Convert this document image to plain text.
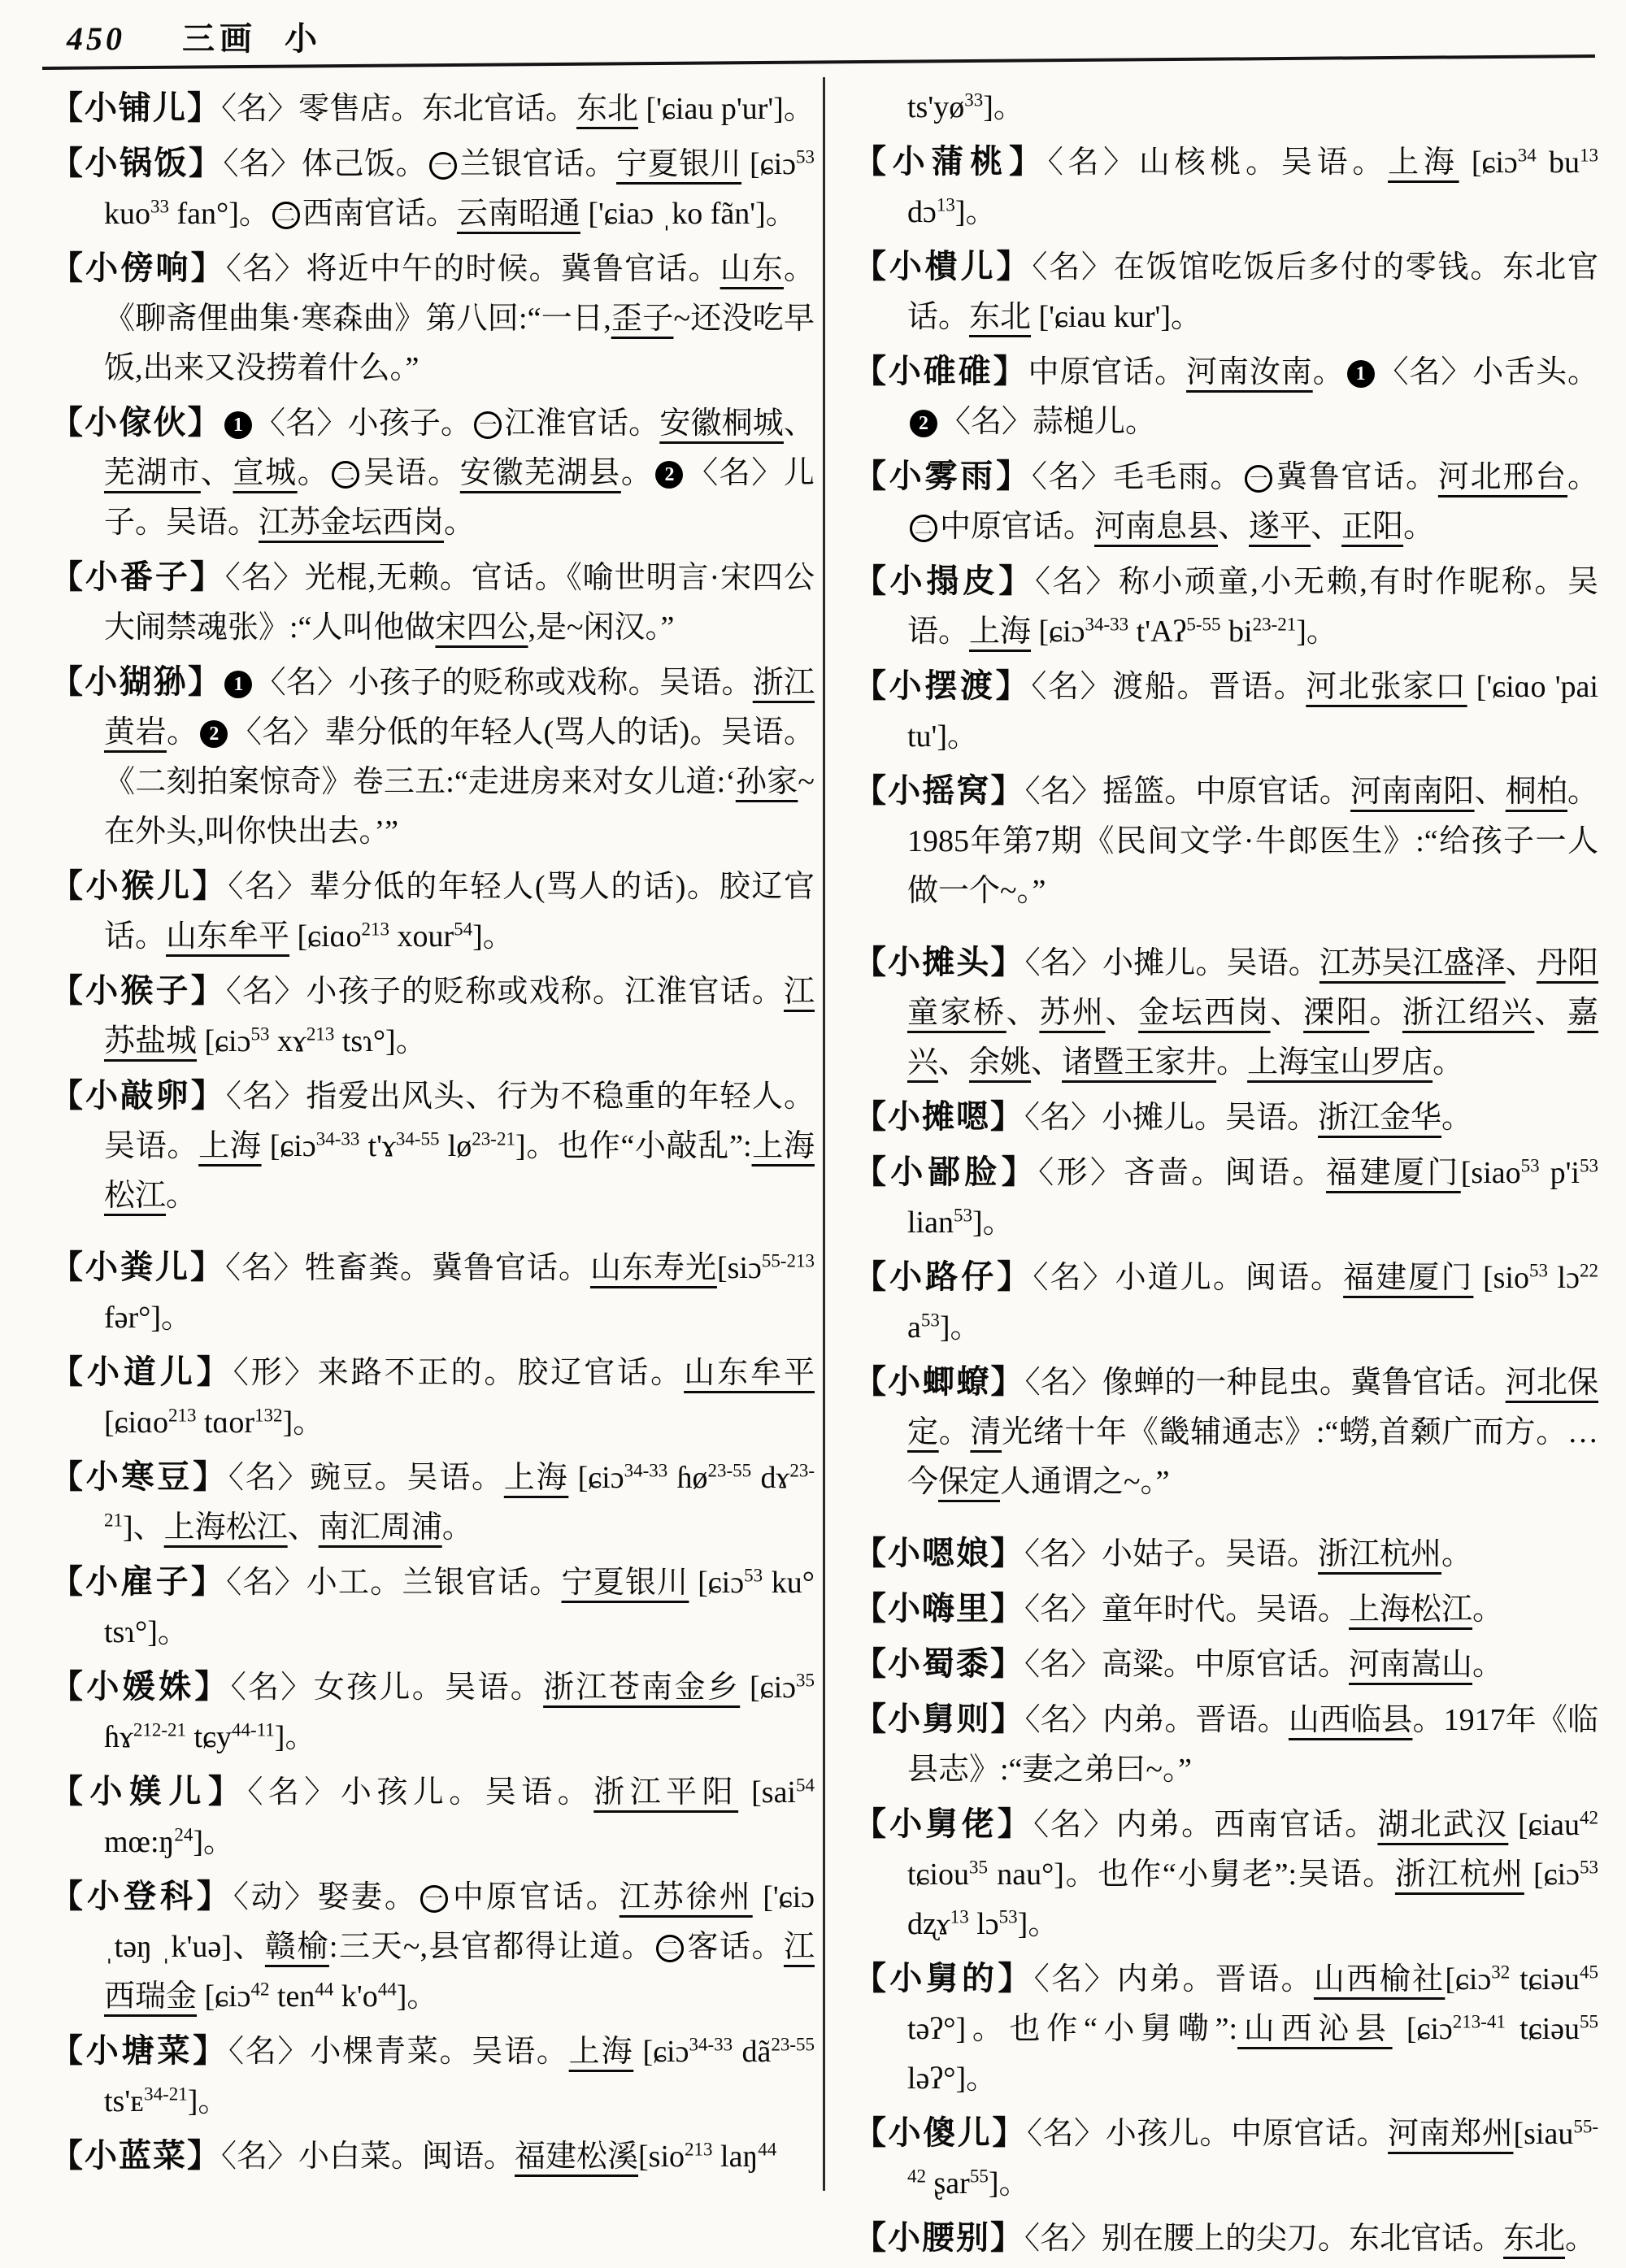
450 三画 小

【小铺儿】〈名〉零售店。东北官话。东北 ['ɕiau p'ur']。

【小锅饭】〈名〉体己饭。 一 兰银官话。宁夏银川 [ɕiɔ$^{53}$ kuo$^{33}$ fan°]。 二 西南官话。云南昭通 ['ɕiaɔ ˌko fãn']。

【小傍响】〈名〉将近中午的时候。冀鲁官话。山东。《聊斋俚曲集·寒森曲》第八回:“一日,歪子~还没吃早饭,出来又没捞着什么。”

【小傢伙】 1 〈名〉小孩子。 一 江淮官话。安徽桐城、芜湖市、宣城。 二 吴语。安徽芜湖县。 2 〈名〉儿子。吴语。江苏金坛西岗。

【小番子】〈名〉光棍,无赖。官话。《喻世明言·宋四公大闹禁魂张》:“人叫他做宋四公,是~闲汉。”

【小猢狲】 1 〈名〉小孩子的贬称或戏称。吴语。浙江黄岩。 2 〈名〉辈分低的年轻人(骂人的话)。吴语。《二刻拍案惊奇》卷三五:“走进房来对女儿道:‘孙家~在外头,叫你快出去。’”

【小猴儿】〈名〉辈分低的年轻人(骂人的话)。胶辽官话。山东牟平 [ɕiɑo$^{213}$ xour$^{54}$]。

【小猴子】〈名〉小孩子的贬称或戏称。江淮官话。江苏盐城 [ɕiɔ$^{53}$ xɤ$^{213}$ tsɿ°]。

【小敲卵】〈名〉指爱出风头、行为不稳重的年轻人。吴语。上海 [ɕiɔ$^{34-33}$ t'ɤ$^{34-55}$ $lø^{23-21}$]。也作“小敲乱”:上海松江。

【小粪儿】〈名〉牲畜粪。冀鲁官话。山东寿光[siɔ$^{55-213}$ fər°]。

【小道儿】〈形〉来路不正的。胶辽官话。山东牟平 [ɕiɑo$^{213}$ tɑor$^{132}$]。

【小寒豆】〈名〉豌豆。吴语。上海 [ɕiɔ$^{34-33}$ ɦø$^{23-55}$ dɤ$^{23-21}$]、上海松江、南汇周浦。

【小雇子】〈名〉小工。兰银官话。宁夏银川 [ɕiɔ$^{53}$ ku° tsɿ°]。

【小媛姝】〈名〉女孩儿。吴语。浙江苍南金乡 [ɕiɔ$^{35}$ ɦɤ$^{212-21}$ tɕy$^{44-11}$]。

【小媄儿】〈名〉小孩儿。吴语。浙江平阳 [sai$^{54}$ $mœ:ŋ^{24}$]。

【小登科】〈动〉娶妻。 一 中原官话。江苏徐州 ['ɕiɔ ˌtəŋ ˌk'uə]、赣榆:三天~,县官都得让道。 二 客话。江西瑞金 [ɕiɔ$^{42}$ ten$^{44}$ $k'o^{44}$]。

【小塘菜】〈名〉小棵青菜。吴语。上海 [ɕiɔ$^{34-33}$ $dã^{23-55}$ ts'ᴇ$^{34-21}$]。

【小蓝菜】〈名〉小白菜。闽语。福建松溪[sio$^{213}$ laŋ$^{44}$

$ts'yø^{33}$]。

【小蒲桃】〈名〉山核桃。吴语。上海 [ɕiɔ$^{34}$ $bu^{13}$ dɔ$^{13}$]。

【小樻儿】〈名〉在饭馆吃饭后多付的零钱。东北官话。东北 ['ɕiau kur']。

【小碓碓】中原官话。河南汝南。 1 〈名〉小舌头。2 〈名〉蒜槌儿。

【小雾雨】〈名〉毛毛雨。 一 冀鲁官话。河北邢台。二 中原官话。河南息县、遂平、正阳。

【小搨皮】〈名〉称小顽童,小无赖,有时作昵称。吴语。上海 [ɕiɔ$^{34-33}$ t'Aʔ$^{5-55}$ $bi^{23-21}$]。

【小摆渡】〈名〉渡船。晋语。河北张家口 ['ɕiɑo 'pai tu']。

【小摇窝】〈名〉摇篮。中原官话。河南南阳、桐柏。1985年第7期《民间文学·牛郎医生》:“给孩子一人做一个~。”

【小摊头】〈名〉小摊儿。吴语。江苏吴江盛泽、丹阳童家桥、苏州、金坛西岗、溧阳。浙江绍兴、嘉兴、余姚、诸暨王家井。上海宝山罗店。

【小摊嗯】〈名〉小摊儿。吴语。浙江金华。

【小鄙脸】〈形〉吝啬。闽语。福建厦门[siao$^{53}$ $p'i^{53}$ lian$^{53}$]。

【小路仔】〈名〉小道儿。闽语。福建厦门 [sio$^{53}$ lɔ$^{22}$ $a^{53}$]。

【小蝍蟟】〈名〉像蝉的一种昆虫。冀鲁官话。河北保定。清光绪十年《畿辅通志》:“蟧,首颡广而方。…今保定人通谓之~。”

【小嗯娘】〈名〉小姑子。吴语。浙江杭州。

【小嗨里】〈名〉童年时代。吴语。上海松江。

【小蜀黍】〈名〉高粱。中原官话。河南嵩山。

【小舅则】〈名〉内弟。晋语。山西临县。1917年《临县志》:“妻之弟曰~。”

【小舅佬】〈名〉内弟。西南官话。湖北武汉 [ɕiau$^{42}$ tɕiou$^{35}$ nau°]。也作“小舅老”:吴语。浙江杭州 [ɕiɔ$^{53}$ dʐɤ$^{13}$ lɔ$^{53}$]。

【小舅的】〈名〉内弟。晋语。山西榆社[ɕiɔ$^{32}$ tɕiəu$^{45}$ təʔ°]。也作“小舅嘞”:山西沁县 [ɕiɔ$^{213-41}$ tɕiəu$^{55}$ ləʔ°]。

【小傻儿】〈名〉小孩儿。中原官话。河南郑州[siau$^{55-42}$ ʂar$^{55}$]。

【小腰别】〈名〉别在腰上的尖刀。东北官话。东北。
